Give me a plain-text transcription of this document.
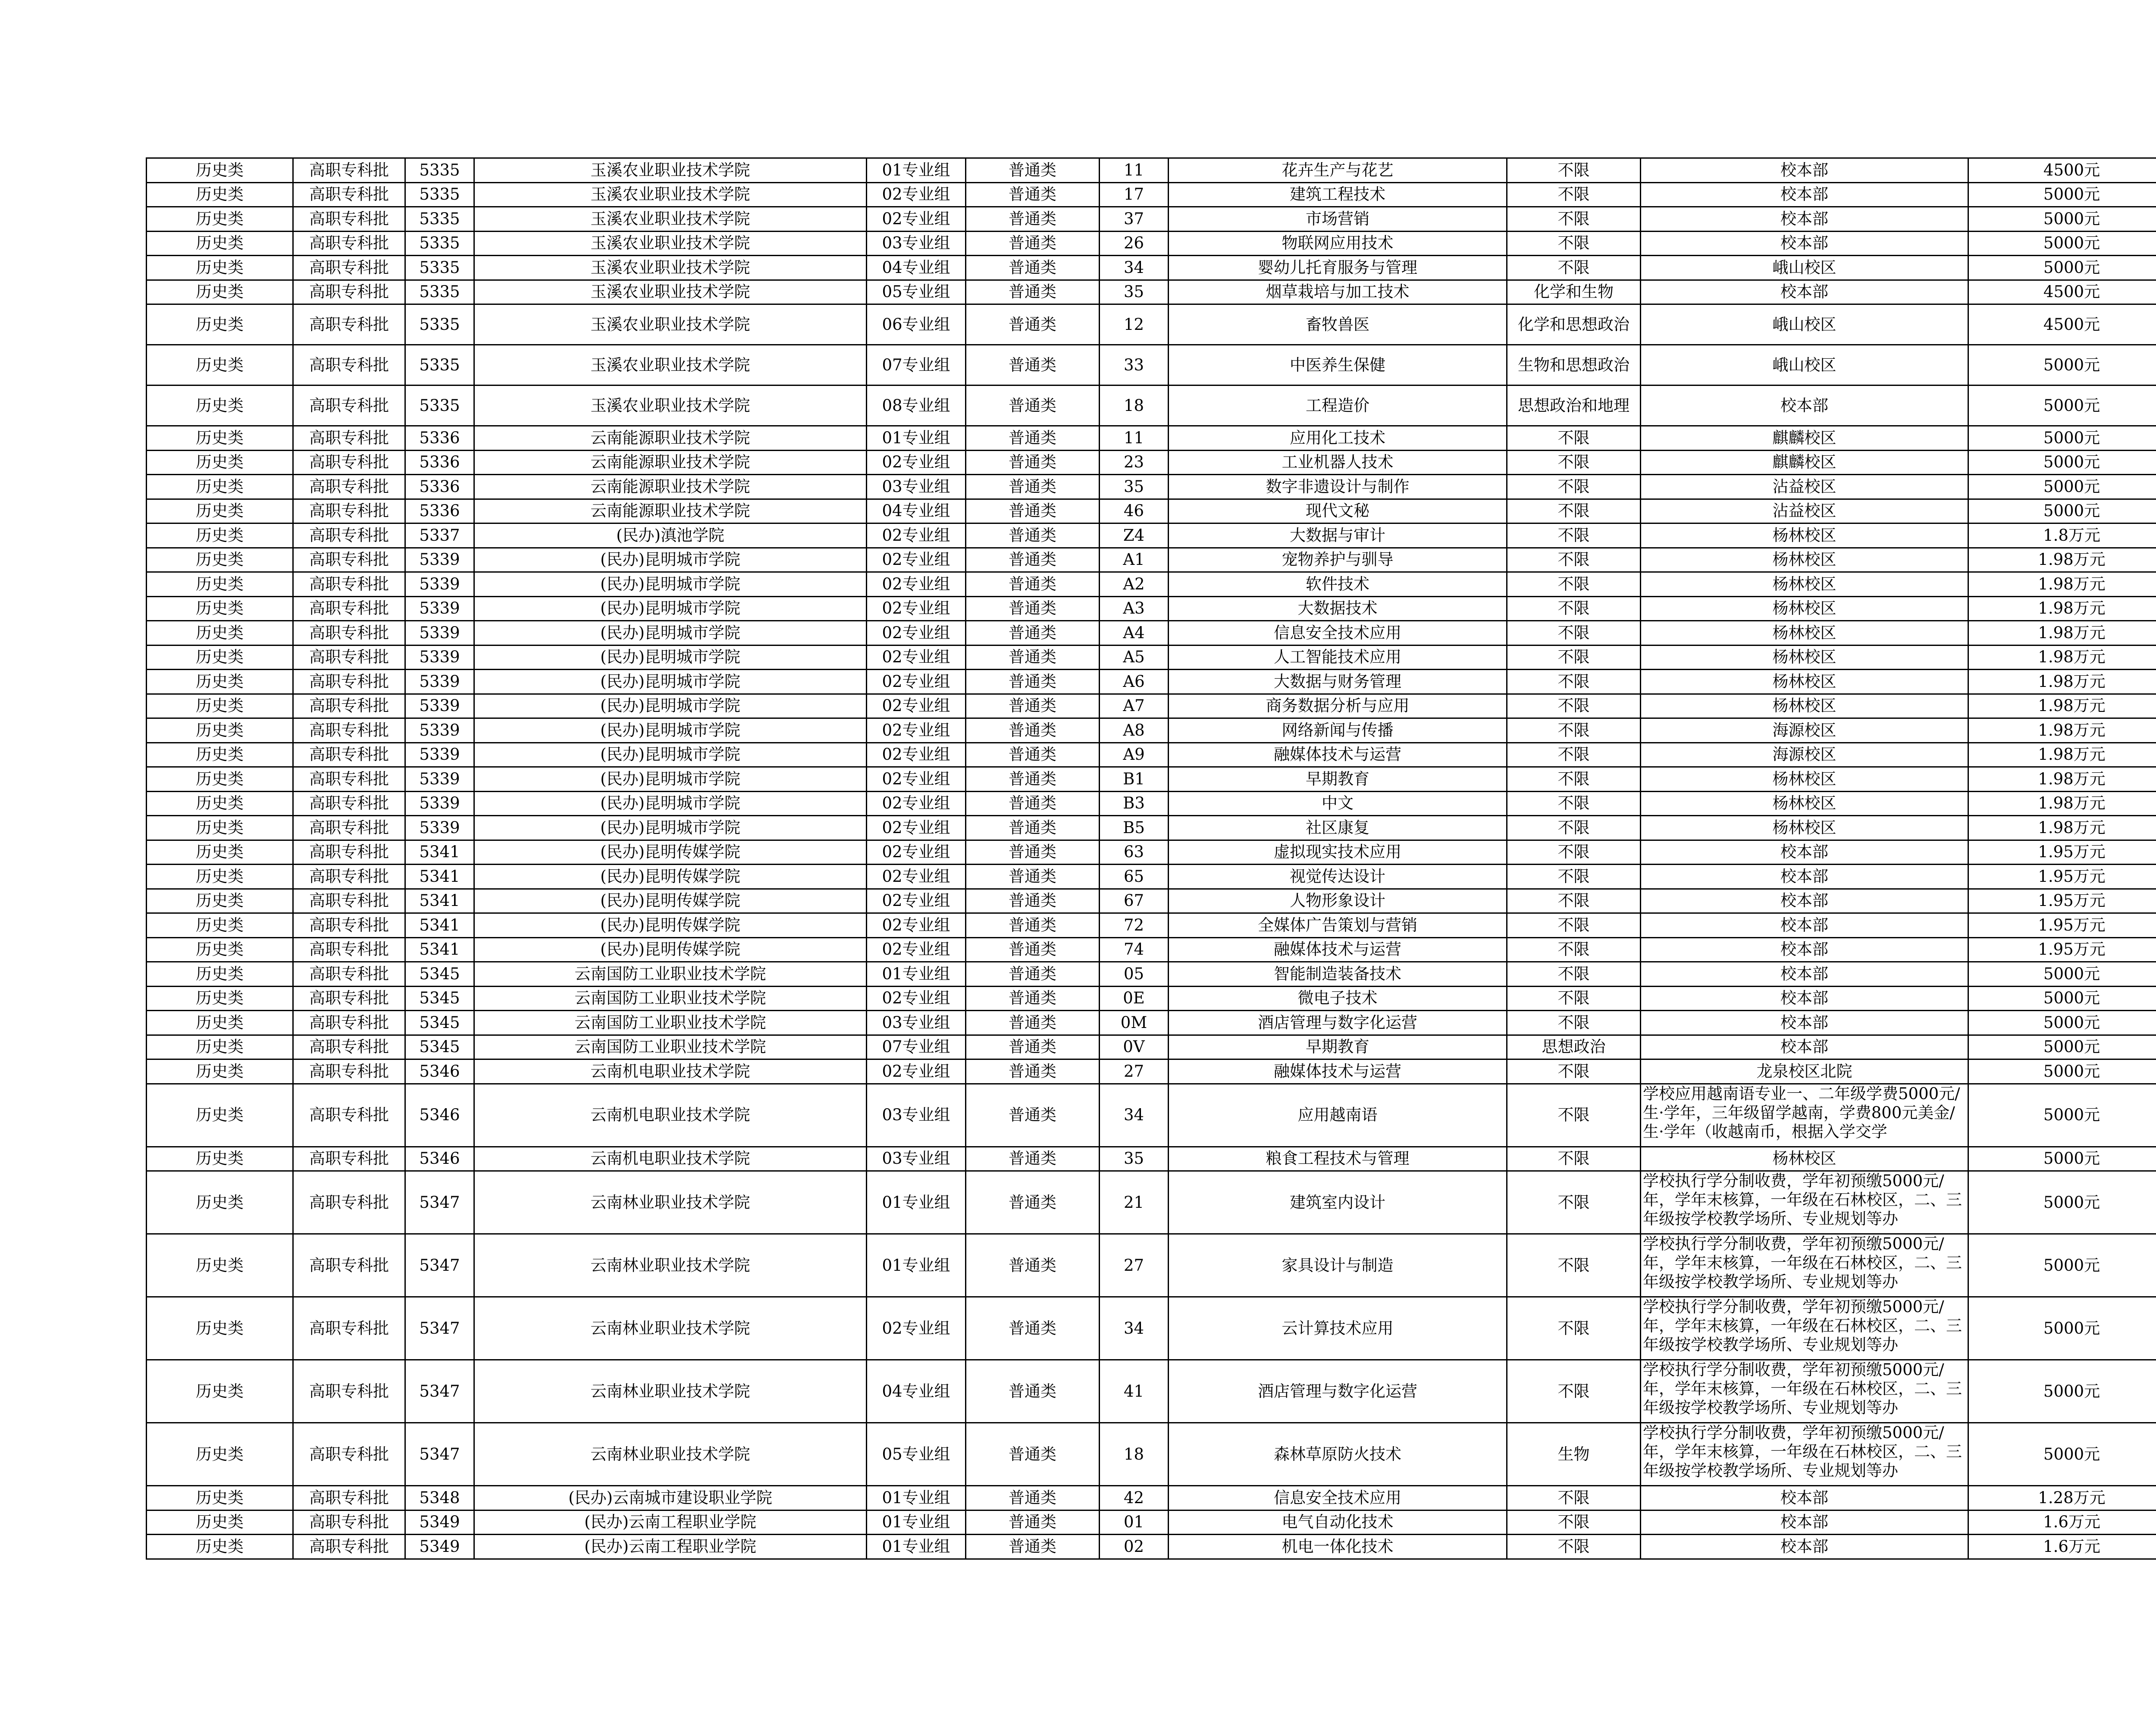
历史类	高职专科批	5335	玉溪农业职业技术学院	01专业组	普通类	11	花卉生产与花艺	不限	校本部	4500元	
历史类	高职专科批	5335	玉溪农业职业技术学院	02专业组	普通类	17	建筑工程技术	不限	校本部	5000元	
历史类	高职专科批	5335	玉溪农业职业技术学院	02专业组	普通类	37	市场营销	不限	校本部	5000元	
历史类	高职专科批	5335	玉溪农业职业技术学院	03专业组	普通类	26	物联网应用技术	不限	校本部	5000元	
历史类	高职专科批	5335	玉溪农业职业技术学院	04专业组	普通类	34	婴幼儿托育服务与管理	不限	峨山校区	5000元	
历史类	高职专科批	5335	玉溪农业职业技术学院	05专业组	普通类	35	烟草栽培与加工技术	化学和生物	校本部	4500元	
历史类	高职专科批	5335	玉溪农业职业技术学院	06专业组	普通类	12	畜牧兽医	化学和思想政治	峨山校区	4500元	
历史类	高职专科批	5335	玉溪农业职业技术学院	07专业组	普通类	33	中医养生保健	生物和思想政治	峨山校区	5000元	
历史类	高职专科批	5335	玉溪农业职业技术学院	08专业组	普通类	18	工程造价	思想政治和地理	校本部	5000元	
历史类	高职专科批	5336	云南能源职业技术学院	01专业组	普通类	11	应用化工技术	不限	麒麟校区	5000元	
历史类	高职专科批	5336	云南能源职业技术学院	02专业组	普通类	23	工业机器人技术	不限	麒麟校区	5000元	
历史类	高职专科批	5336	云南能源职业技术学院	03专业组	普通类	35	数字非遗设计与制作	不限	沾益校区	5000元	
历史类	高职专科批	5336	云南能源职业技术学院	04专业组	普通类	46	现代文秘	不限	沾益校区	5000元	
历史类	高职专科批	5337	(民办)滇池学院	02专业组	普通类	Z4	大数据与审计	不限	杨林校区	1.8万元	
历史类	高职专科批	5339	(民办)昆明城市学院	02专业组	普通类	A1	宠物养护与驯导	不限	杨林校区	1.98万元	
历史类	高职专科批	5339	(民办)昆明城市学院	02专业组	普通类	A2	软件技术	不限	杨林校区	1.98万元	
历史类	高职专科批	5339	(民办)昆明城市学院	02专业组	普通类	A3	大数据技术	不限	杨林校区	1.98万元	
历史类	高职专科批	5339	(民办)昆明城市学院	02专业组	普通类	A4	信息安全技术应用	不限	杨林校区	1.98万元	
历史类	高职专科批	5339	(民办)昆明城市学院	02专业组	普通类	A5	人工智能技术应用	不限	杨林校区	1.98万元	
历史类	高职专科批	5339	(民办)昆明城市学院	02专业组	普通类	A6	大数据与财务管理	不限	杨林校区	1.98万元	
历史类	高职专科批	5339	(民办)昆明城市学院	02专业组	普通类	A7	商务数据分析与应用	不限	杨林校区	1.98万元	
历史类	高职专科批	5339	(民办)昆明城市学院	02专业组	普通类	A8	网络新闻与传播	不限	海源校区	1.98万元	
历史类	高职专科批	5339	(民办)昆明城市学院	02专业组	普通类	A9	融媒体技术与运营	不限	海源校区	1.98万元	
历史类	高职专科批	5339	(民办)昆明城市学院	02专业组	普通类	B1	早期教育	不限	杨林校区	1.98万元	
历史类	高职专科批	5339	(民办)昆明城市学院	02专业组	普通类	B3	中文	不限	杨林校区	1.98万元	
历史类	高职专科批	5339	(民办)昆明城市学院	02专业组	普通类	B5	社区康复	不限	杨林校区	1.98万元	
历史类	高职专科批	5341	(民办)昆明传媒学院	02专业组	普通类	63	虚拟现实技术应用	不限	校本部	1.95万元	
历史类	高职专科批	5341	(民办)昆明传媒学院	02专业组	普通类	65	视觉传达设计	不限	校本部	1.95万元	
历史类	高职专科批	5341	(民办)昆明传媒学院	02专业组	普通类	67	人物形象设计	不限	校本部	1.95万元	
历史类	高职专科批	5341	(民办)昆明传媒学院	02专业组	普通类	72	全媒体广告策划与营销	不限	校本部	1.95万元	
历史类	高职专科批	5341	(民办)昆明传媒学院	02专业组	普通类	74	融媒体技术与运营	不限	校本部	1.95万元	
历史类	高职专科批	5345	云南国防工业职业技术学院	01专业组	普通类	05	智能制造装备技术	不限	校本部	5000元	
历史类	高职专科批	5345	云南国防工业职业技术学院	02专业组	普通类	0E	微电子技术	不限	校本部	5000元	
历史类	高职专科批	5345	云南国防工业职业技术学院	03专业组	普通类	0M	酒店管理与数字化运营	不限	校本部	5000元	
历史类	高职专科批	5345	云南国防工业职业技术学院	07专业组	普通类	0V	早期教育	思想政治	校本部	5000元	
历史类	高职专科批	5346	云南机电职业技术学院	02专业组	普通类	27	融媒体技术与运营	不限	龙泉校区北院	5000元	
历史类	高职专科批	5346	云南机电职业技术学院	03专业组	普通类	34	应用越南语	不限	学校应用越南语专业一、二年级学费5000元/生·学年，三年级留学越南，学费800元美金/生·学年（收越南币，根据入学交学	5000元	
历史类	高职专科批	5346	云南机电职业技术学院	03专业组	普通类	35	粮食工程技术与管理	不限	杨林校区	5000元	
历史类	高职专科批	5347	云南林业职业技术学院	01专业组	普通类	21	建筑室内设计	不限	学校执行学分制收费，学年初预缴5000元/年，学年末核算，一年级在石林校区，二、三年级按学校教学场所、专业规划等办	5000元	
历史类	高职专科批	5347	云南林业职业技术学院	01专业组	普通类	27	家具设计与制造	不限	学校执行学分制收费，学年初预缴5000元/年，学年末核算，一年级在石林校区，二、三年级按学校教学场所、专业规划等办	5000元	
历史类	高职专科批	5347	云南林业职业技术学院	02专业组	普通类	34	云计算技术应用	不限	学校执行学分制收费，学年初预缴5000元/年，学年末核算，一年级在石林校区，二、三年级按学校教学场所、专业规划等办	5000元	
历史类	高职专科批	5347	云南林业职业技术学院	04专业组	普通类	41	酒店管理与数字化运营	不限	学校执行学分制收费，学年初预缴5000元/年，学年末核算，一年级在石林校区，二、三年级按学校教学场所、专业规划等办	5000元	
历史类	高职专科批	5347	云南林业职业技术学院	05专业组	普通类	18	森林草原防火技术	生物	学校执行学分制收费，学年初预缴5000元/年，学年末核算，一年级在石林校区，二、三年级按学校教学场所、专业规划等办	5000元	
历史类	高职专科批	5348	(民办)云南城市建设职业学院	01专业组	普通类	42	信息安全技术应用	不限	校本部	1.28万元	
历史类	高职专科批	5349	(民办)云南工程职业学院	01专业组	普通类	01	电气自动化技术	不限	校本部	1.6万元	
历史类	高职专科批	5349	(民办)云南工程职业学院	01专业组	普通类	02	机电一体化技术	不限	校本部	1.6万元	
